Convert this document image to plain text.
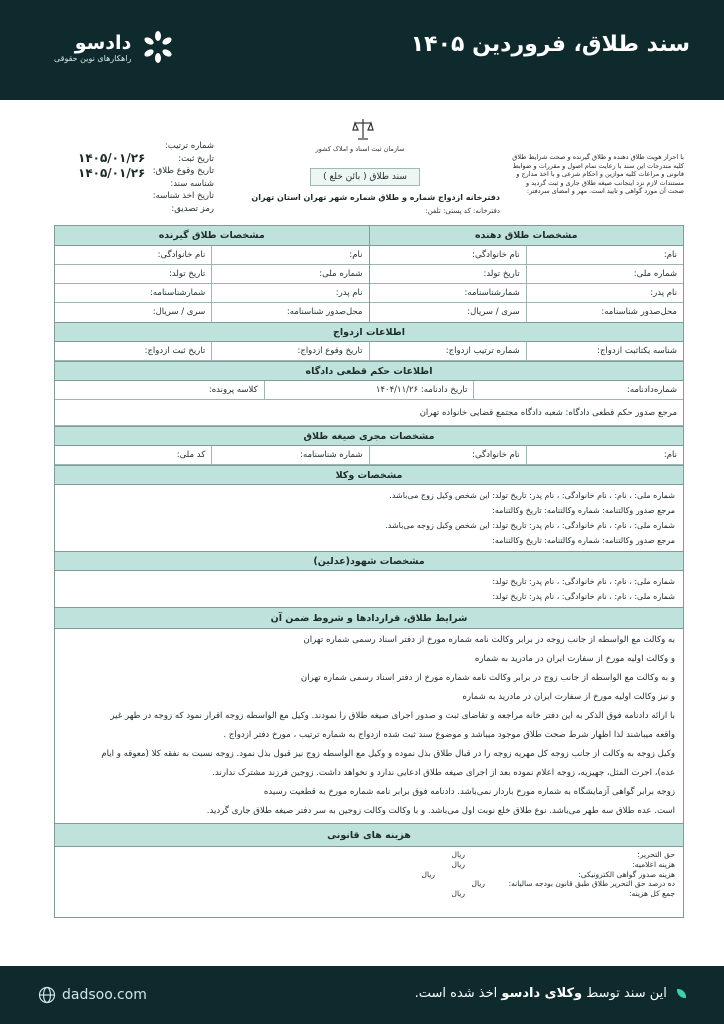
سند طلاق، فروردین ۱۴۰۵
دادسو
راهکارهای نوین حقوقی
شماره ترتیب:
تاریخ ثبت:
تاریخ وقوع طلاق:
شناسه سند:
تاریخ اخذ شناسه:
رمز تصدیق:
۱۴۰۵/۰۱/۲۶
۱۴۰۵/۰۱/۲۶
سازمان ثبت اسناد و املاک کشور
سند طلاق ( بائن خلع )
دفترخانه ازدواج شماره و طلاق شماره شهر تهران استان تهران
دفترخانه: کد پستی: تلفن:
با احراز هویت طلاق دهنده و طلاق گیرنده و صحت شرایط طلاق کلیه مندرجات این سند با رعایت تمام اصول و مقررات و ضوابط قانونی و مراعات کلیه موازین و احکام شرعی و با اخذ مدارج و مستندات لازم نزد اینجانب صیغه طلاق جاری و ثبت گردید و صحت آن مورد گواهی و تایید است. مهر و امضای سردفتر:
مشخصات طلاق دهنده
نام:
نام خانوادگی:
شماره ملی:
تاریخ تولد:
نام پدر:
شمارشناسنامه:
محل‌صدور شناسنامه:
سری / سریال:
مشخصات طلاق گیرنده
نام:
نام خانوادگی:
شماره ملی:
تاریخ تولد:
نام پدر:
شمارشناسنامه:
محل‌صدور شناسنامه:
سری / سریال:
اطلاعات ازدواج
شناسه یکتاثبت ازدواج:
شماره ترتیب ازدواج:
تاریخ وقوع ازدواج:
تاریخ ثبت ازدواج:
اطلاعات حکم قطعی دادگاه
شماره‌دادنامه:
تاریخ دادنامه: ۱۴۰۴/۱۱/۲۶
کلاسه پرونده:
مرجع صدور حکم قطعی دادگاه: شعبه دادگاه مجتمع قضایی خانواده تهران
مشخصات مجری صیغه طلاق
نام:
نام خانوادگی:
شماره شناسنامه:
کد ملی:
مشخصات وکلا
شماره ملی: ، نام: ، نام خانوادگی: ، نام پدر: تاریخ تولد: این شخص وکیل زوج می‌باشد.
مرجع صدور وکالتنامه: شماره وکالتنامه: تاریخ وکالتنامه:
شماره ملی: ، نام: ، نام خانوادگی: ، نام پدر: تاریخ تولد: این شخص وکیل زوجه می‌باشد.
مرجع صدور وکالتنامه: شماره وکالتنامه: تاریخ وکالتنامه:
مشخصات شهود(عدلین)
شماره ملی: ، نام: ، نام خانوادگی: ، نام پدر: تاریخ تولد:
شماره ملی: ، نام: ، نام خانوادگی: ، نام پدر: تاریخ تولد:
شرایط طلاق، قراردادها و شروط ضمن آن
به وکالت مع الواسطه از جانب زوجه در برابر وکالت نامه شماره مورخ از دفتر اسناد رسمی شماره تهران
و وکالت اولیه مورخ از سفارت ایران در مادرید به شماره
و به وکالت مع الواسطه از جانب زوج در برابر وکالت نامه شماره مورخ از دفتر اسناد رسمی شماره تهران
و نیز وکالت اولیه مورخ از سفارت ایران در مادرید به شماره
با ارائه دادنامه فوق الذکر به این دفتر خانه مراجعه و تقاضای ثبت و صدور اجرای صیغه طلاق را نمودند. وکیل مع الواسطه زوجه اقرار نمود که زوجه در طهر غیر
واقعه میباشند لذا اظهار شرط صحت طلاق موجود میباشد و موضوع سند ثبت شده ازدواج به شماره ترتیب ، مورخ دفتر ازدواج .
وکیل زوجه به وکالت از جانب زوجه کل مهریه زوجه را در قبال طلاق بذل نموده و وکیل مع الواسطه زوج نیز قبول بذل نمود. زوجه نسبت به نفقه کلا (معوقه و ایام
عده)، اجرت المثل، جهیزیه، زوجه اعلام نموده بعد از اجرای صیغه طلاق ادعایی ندارد و نخواهد داشت. زوجین فرزند مشترک ندارند.
زوجه برابر گواهی آزمایشگاه به شماره مورخ باردار نمی‌باشد. دادنامه فوق برابر نامه شماره مورخ به قطعیت رسیده
است. عده طلاق سه طهر می‌باشد. نوع طلاق خلع نوبت اول می‌باشد. و با وکالت وکالت زوجین به سر دفتر صیغه طلاق جاری گردید.
هزینه های قانونی
حق التحریر:
ریال
هزینه اعلامیه:
ریال
هزینه صدور گواهی الکترونیکی:
ریال
ده درصد حق التحریر طلاق طبق قانون بودجه سالیانه:
ریال
جمع کل هزینه:
ریال
dadsoo.com	این سند توسط وکلای دادسو اخذ شده است.
